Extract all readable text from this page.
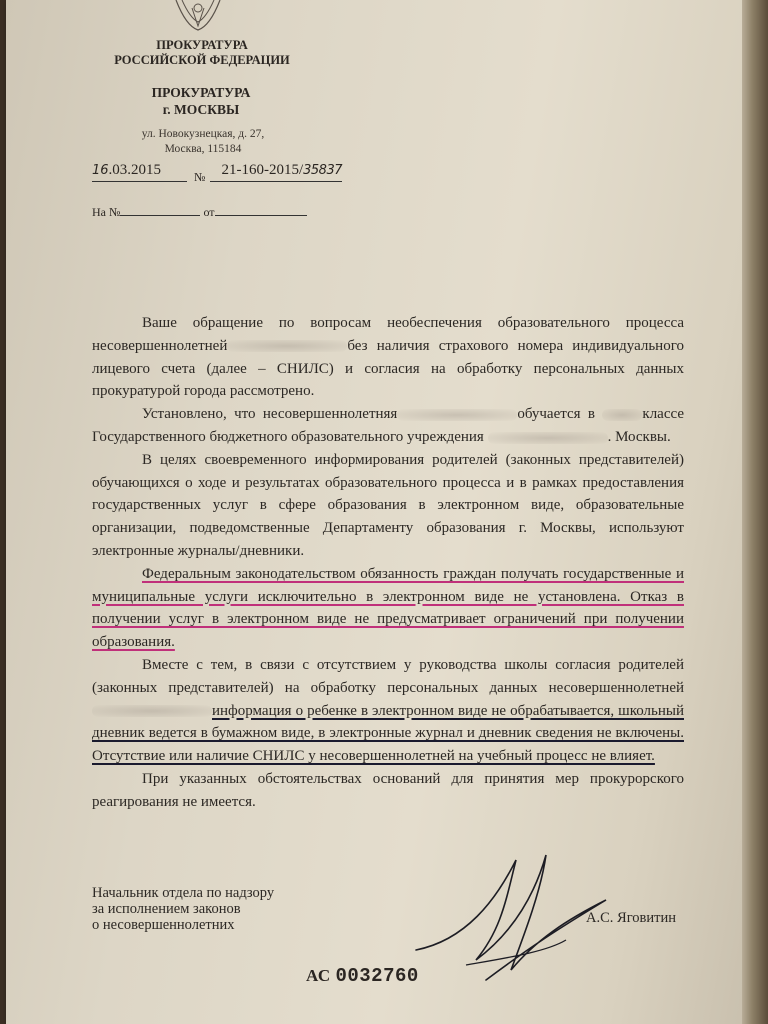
ПРОКУРАТУРА
РОССИЙСКОЙ ФЕДЕРАЦИИ
ПРОКУРАТУРА
г. МОСКВЫ
ул. Новокузнецкая, д. 27,
Москва, 115184
16.03.2015	№	21-160-2015/35837
На №	от

Ваше обращение по вопросам необеспечения образовательного процесса несовершеннолетней	без наличия страхового номера индивидуального лицевого счета (далее – СНИЛС) и согласия на обработку персональных данных прокуратурой города рассмотрено.

Установлено, что несовершеннолетняя	обучается в	классе Государственного бюджетного образовательного учреждения	. Москвы.

В целях своевременного информирования родителей (законных представителей) обучающихся о ходе и результатах образовательного процесса и в рамках предоставления государственных услуг в сфере образования в электронном виде, образовательные организации, подведомственные Департаменту образования г. Москвы, используют электронные журналы/дневники.

Федеральным законодательством обязанность граждан получать государственные и муниципальные услуги исключительно в электронном виде не установлена. Отказ в получении услуг в электронном виде не предусматривает ограничений при получении образования.

Вместе с тем, в связи с отсутствием у руководства школы согласия родителей (законных представителей) на обработку персональных данных несовершеннолетнейинформация о ребенке в электронном виде не обрабатывается, школьный дневник ведется в бумажном виде, в электронные журнал и дневник сведения не включены. Отсутствие или наличие СНИЛС у несовершеннолетней на учебный процесс не влияет.

При указанных обстоятельствах оснований для принятия мер прокурорского реагирования не имеется.

Начальник отдела по надзору
за исполнением законов
о несовершеннолетних	А.С. Яговитин
АС 0032760
